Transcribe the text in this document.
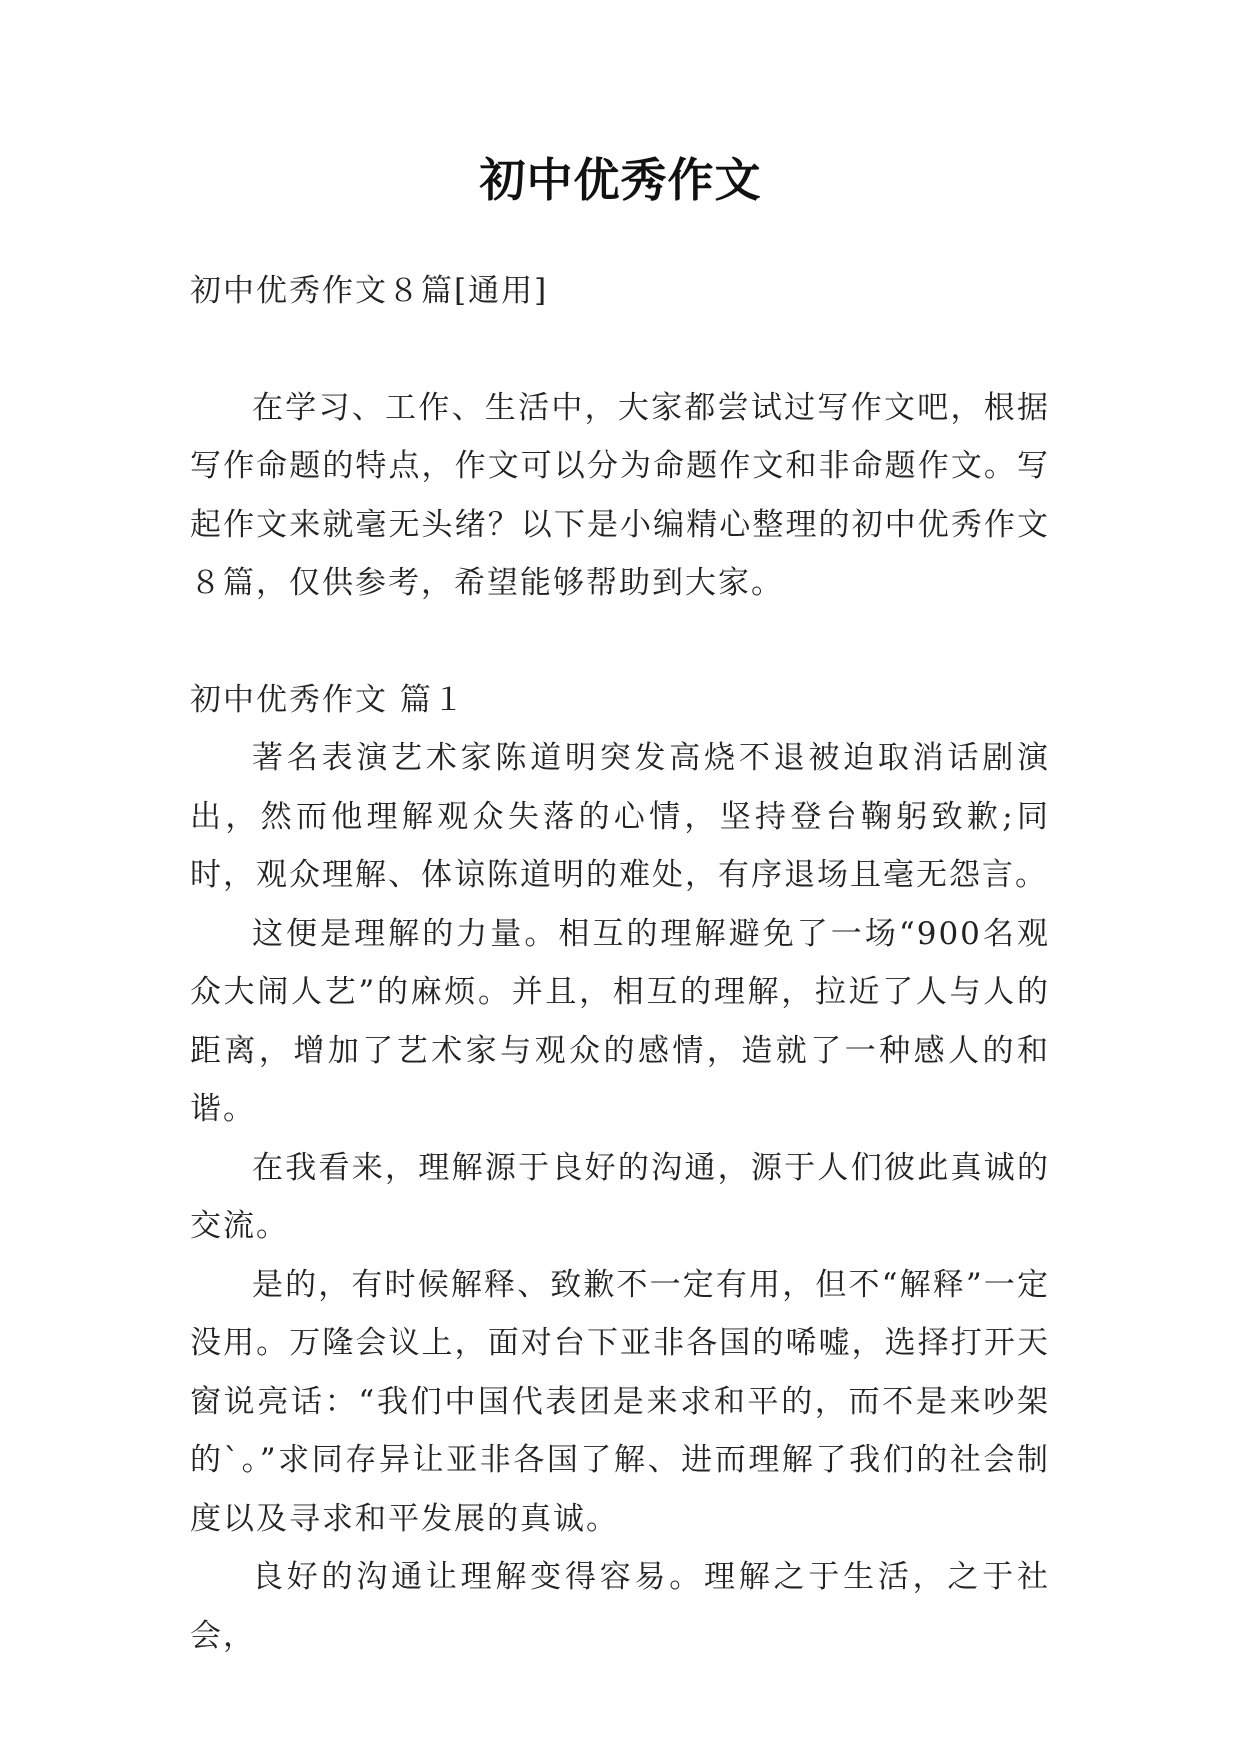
初中优秀作文

初中优秀作文８篇[通用]

在学习、工作、生活中，大家都尝试过写作文吧，根据写作命题的特点，作文可以分为命题作文和非命题作文。写起作文来就毫无头绪？以下是小编精心整理的初中优秀作文８篇，仅供参考，希望能够帮助到大家。

初中优秀作文 篇１

著名表演艺术家陈道明突发高烧不退被迫取消话剧演出，然而他理解观众失落的心情，坚持登台鞠躬致歉;同时，观众理解、体谅陈道明的难处，有序退场且毫无怨言。

这便是理解的力量。相互的理解避免了一场“900名观众大闹人艺”的麻烦。并且，相互的理解，拉近了人与人的距离，增加了艺术家与观众的感情，造就了一种感人的和谐。

在我看来，理解源于良好的沟通，源于人们彼此真诚的交流。

是的，有时候解释、致歉不一定有用，但不“解释”一定没用。万隆会议上，面对台下亚非各国的唏嘘，选择打开天窗说亮话：“我们中国代表团是来求和平的，而不是来吵架的`。”求同存异让亚非各国了解、进而理解了我们的社会制度以及寻求和平发展的真诚。

良好的沟通让理解变得容易。理解之于生活，之于社会，
